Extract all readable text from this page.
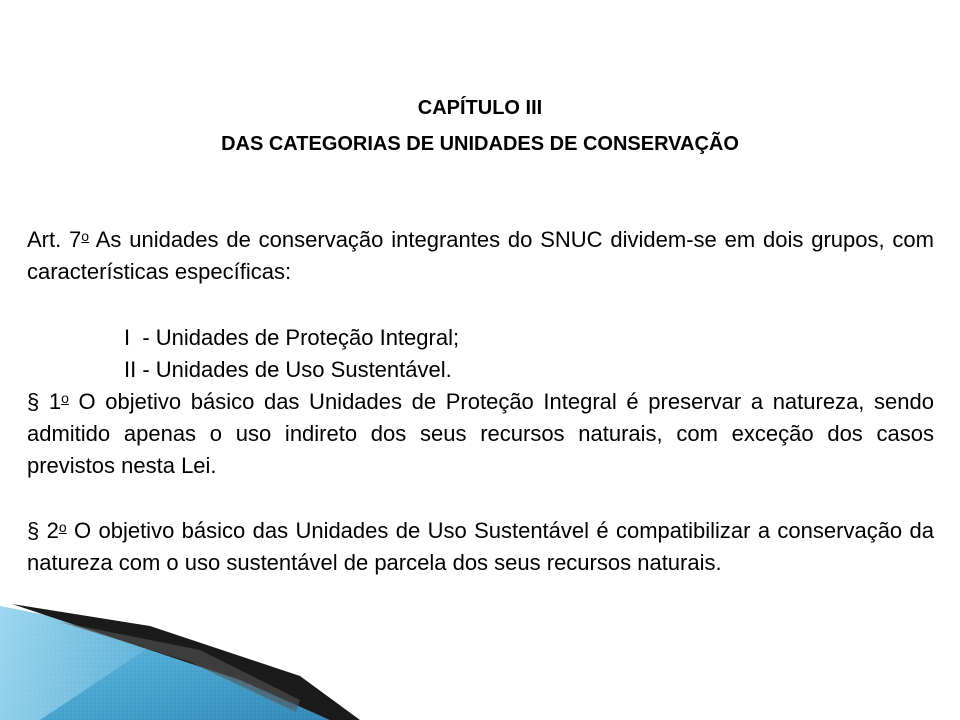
CAPÍTULO III
DAS CATEGORIAS DE UNIDADES DE CONSERVAÇÃO
Art. 7$^o$ As unidades de conservação integrantes do SNUC dividem-se em dois grupos, com características específicas:
I  - Unidades de Proteção Integral;
II - Unidades de Uso Sustentável.
§ 1$^o$ O objetivo básico das Unidades de Proteção Integral é preservar a natureza, sendo admitido apenas o uso indireto dos seus recursos naturais, com exceção dos casos previstos nesta Lei.
§ 2$^o$ O objetivo básico das Unidades de Uso Sustentável é compatibilizar a conservação da natureza com o uso sustentável de parcela dos seus recursos naturais.
